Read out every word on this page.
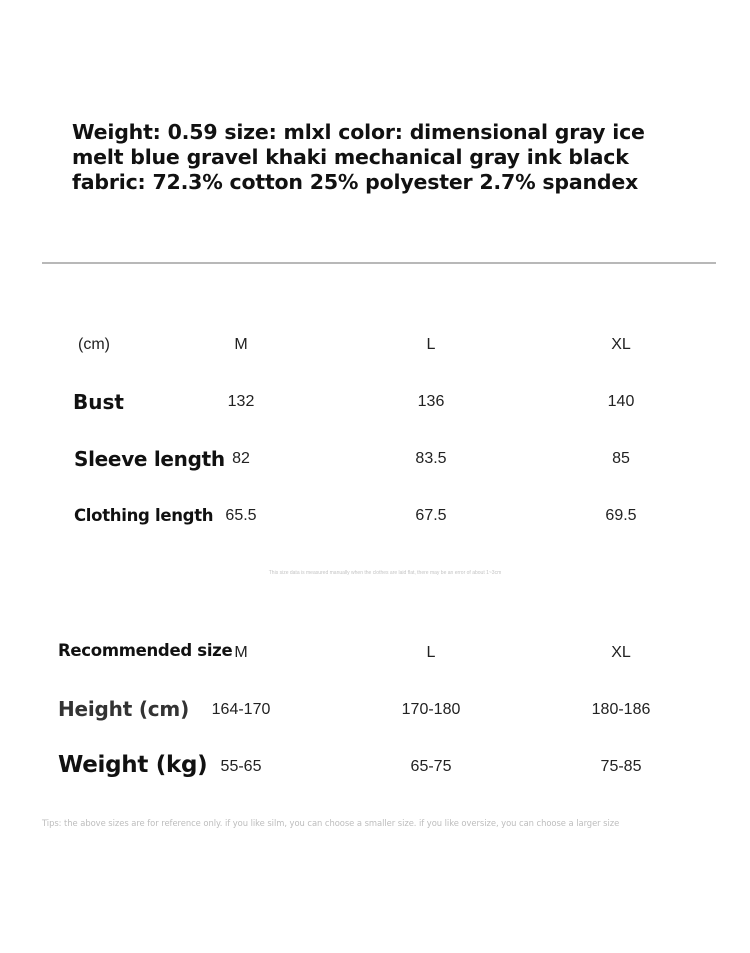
Weight: 0.59 size: mlxl color: dimensional gray ice melt blue gravel khaki mechanical gray ink black fabric: 72.3% cotton 25% polyester 2.7% spandex
(cm)	M	L	XL
Bust	132	136	140
Sleeve length 82	83.5	85
Clothing length 65.5	67.5	69.5
This size data is measured manually when the clothes are laid flat, there may be an error of about 1~3cm
Recommended size M	L	XL
Height (cm) 164-170	170-180	180-186
Weight (kg) 55-65	65-75	75-85
Tips: the above sizes are for reference only. if you like silm, you can choose a smaller size. if you like oversize, you can choose a larger size
